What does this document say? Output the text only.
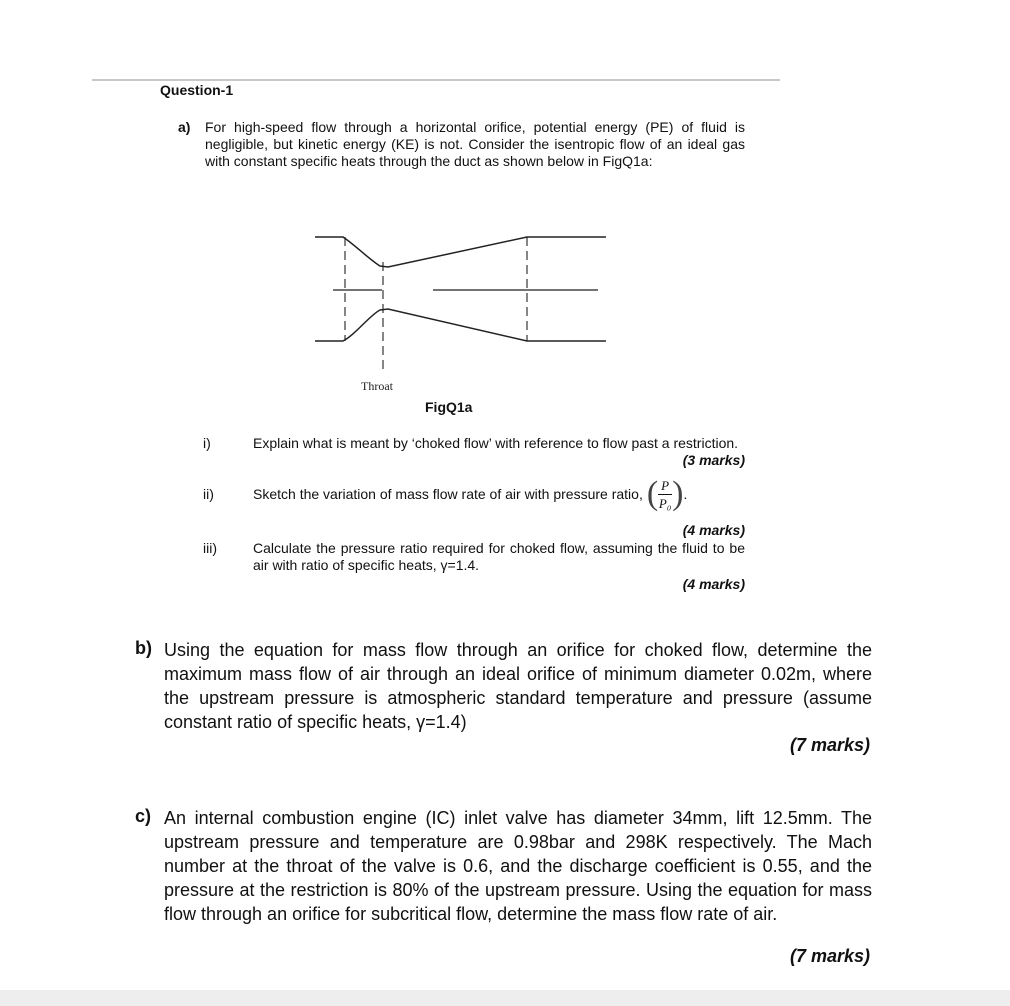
Question-1
a) For high-speed flow through a horizontal orifice, potential energy (PE) of fluid is negligible, but kinetic energy (KE) is not. Consider the isentropic flow of an ideal gas with constant specific heats through the duct as shown below in FigQ1a:
Throat
FigQ1a
i)	Explain what is meant by ‘choked flow’ with reference to flow past a restriction.
(3 marks)
ii)	Sketch the variation of mass flow rate of air with pressure ratio, ( $\frac{P}{\text{P₀}}$ ) .
(4 marks)
iii)	Calculate the pressure ratio required for choked flow, assuming the fluid to be air with ratio of specific heats, γ=1.4.
(4 marks)
b) Using the equation for mass flow through an orifice for choked flow, determine the maximum mass flow of air through an ideal orifice of minimum diameter 0.02m, where the upstream pressure is atmospheric standard temperature and pressure (assume constant ratio of specific heats, γ=1.4)
(7 marks)
c) An internal combustion engine (IC) inlet valve has diameter 34mm, lift 12.5mm. The upstream pressure and temperature are 0.98bar and 298K respectively. The Mach number at the throat of the valve is 0.6, and the discharge coefficient is 0.55, and the pressure at the restriction is 80% of the upstream pressure. Using the equation for mass flow through an orifice for subcritical flow, determine the mass flow rate of air.
(7 marks)
